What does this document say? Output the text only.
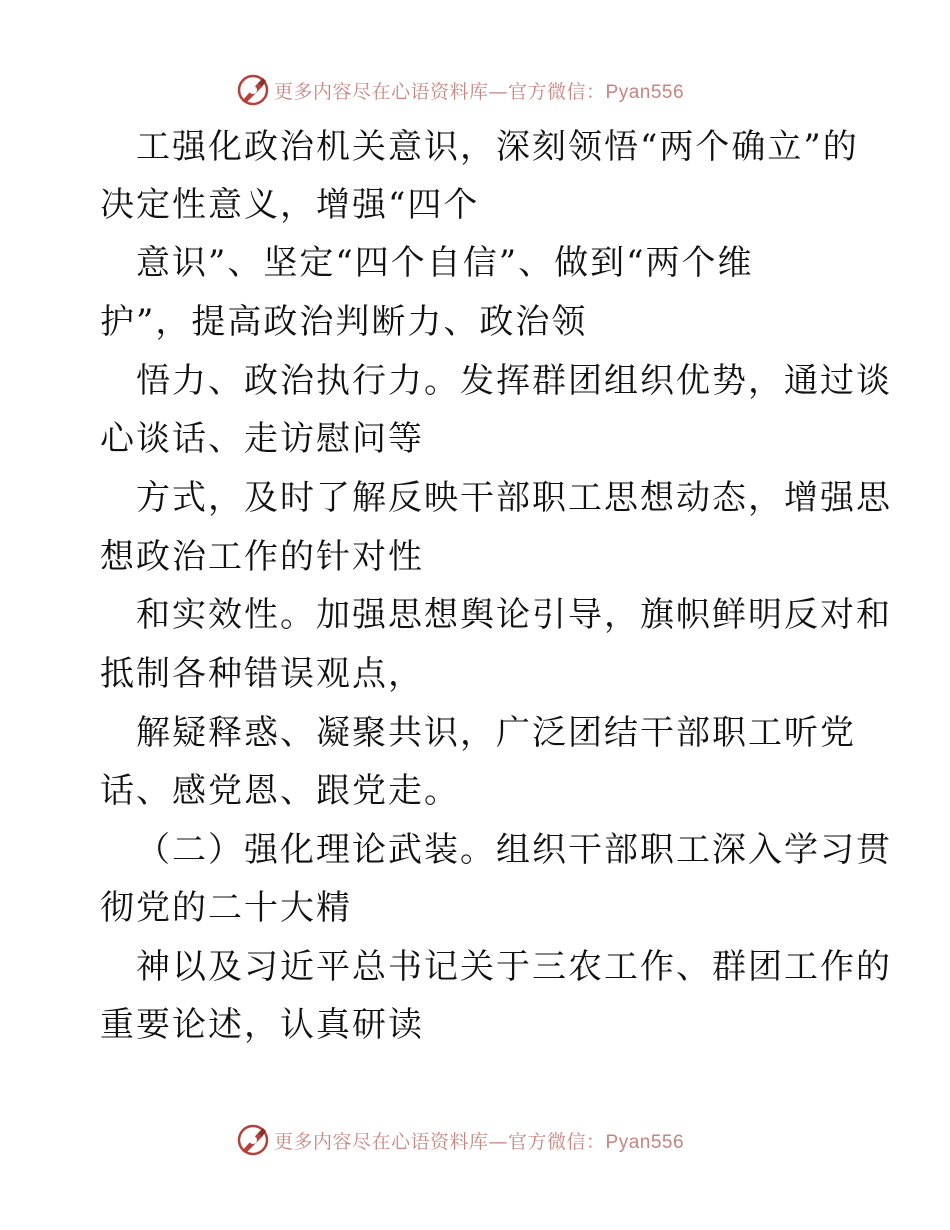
更多内容尽在心语资料库—官方微信：Pyan556
工强化政治机关意识，深刻领悟“两个确立”的
决定性意义，增强“四个
意识”、坚定“四个自信”、做到“两个维
护”，提高政治判断力、政治领
悟力、政治执行力。发挥群团组织优势，通过谈
心谈话、走访慰问等
方式，及时了解反映干部职工思想动态，增强思
想政治工作的针对性
和实效性。加强思想舆论引导，旗帜鲜明反对和
抵制各种错误观点，
解疑释惑、凝聚共识，广泛团结干部职工听党
话、感党恩、跟党走。
（二）强化理论武装。组织干部职工深入学习贯
彻党的二十大精
神以及习近平总书记关于三农工作、群团工作的
重要论述，认真研读
更多内容尽在心语资料库—官方微信：Pyan556
